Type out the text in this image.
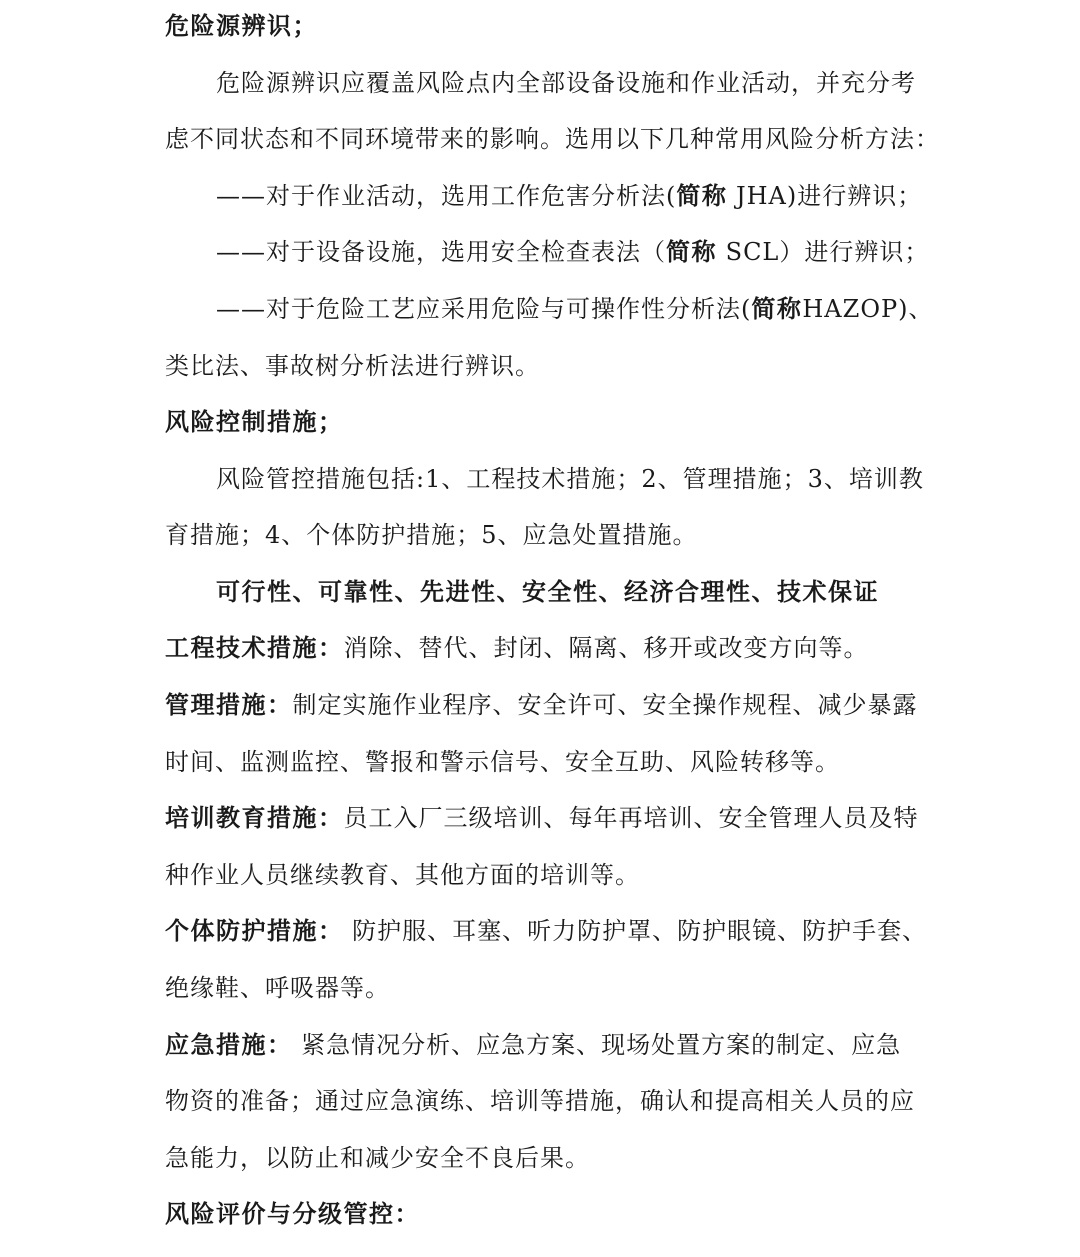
危险源辨识；
危险源辨识应覆盖风险点内全部设备设施和作业活动，并充分考
虑不同状态和不同环境带来的影响。选用以下几种常用风险分析方法：
——对于作业活动，选用工作危害分析法(简称 JHA)进行辨识；
——对于设备设施，选用安全检查表法（简称 SCL）进行辨识；
——对于危险工艺应采用危险与可操作性分析法(简称HAZOP)、
类比法、事故树分析法进行辨识。
风险控制措施；
风险管控措施包括:1、工程技术措施；2、管理措施；3、培训教
育措施；4、个体防护措施；5、应急处置措施。
可行性、可靠性、先进性、安全性、经济合理性、技术保证
工程技术措施：消除、替代、封闭、隔离、移开或改变方向等。
管理措施：制定实施作业程序、安全许可、安全操作规程、减少暴露
时间、监测监控、警报和警示信号、安全互助、风险转移等。
培训教育措施：员工入厂三级培训、每年再培训、安全管理人员及特
种作业人员继续教育、其他方面的培训等。
个体防护措施： 防护服、耳塞、听力防护罩、防护眼镜、防护手套、
绝缘鞋、呼吸器等。
应急措施： 紧急情况分析、应急方案、现场处置方案的制定、应急
物资的准备；通过应急演练、培训等措施，确认和提高相关人员的应
急能力，以防止和减少安全不良后果。
风险评价与分级管控：
